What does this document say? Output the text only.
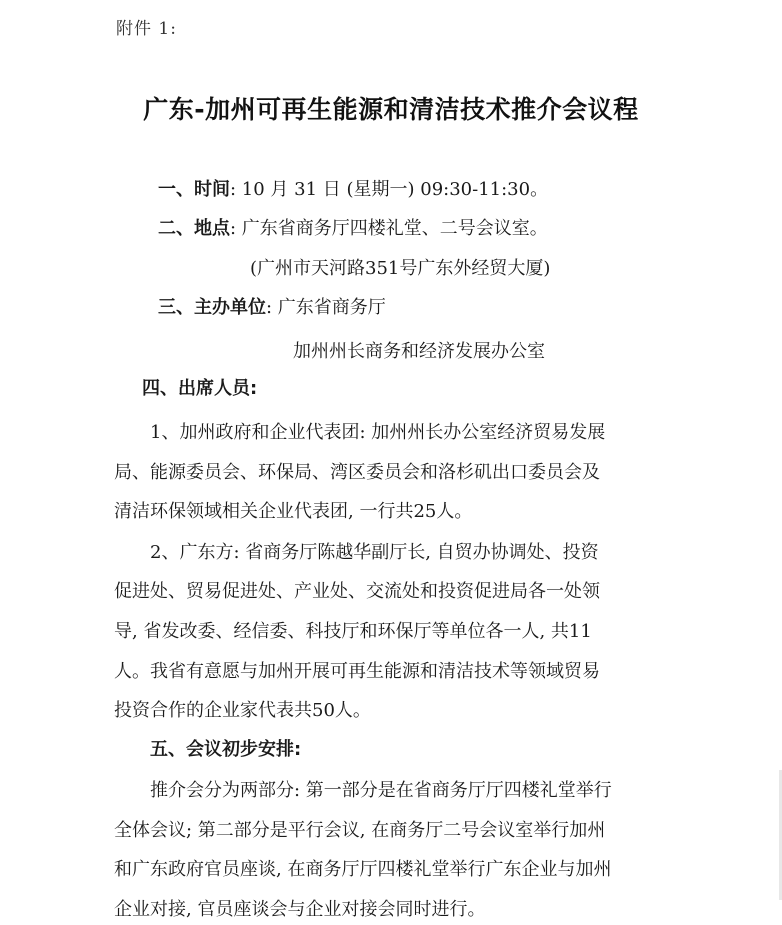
附件 1:
广东-加州可再生能源和清洁技术推介会议程
一、时间: 10 月 31 日 (星期一) 09:30-11:30。
二、地点: 广东省商务厅四楼礼堂、二号会议室。
(广州市天河路351号广东外经贸大厦)
三、主办单位: 广东省商务厅
加州州长商务和经济发展办公室
四、出席人员:
1、加州政府和企业代表团: 加州州长办公室经济贸易发展
局、能源委员会、环保局、湾区委员会和洛杉矶出口委员会及
清洁环保领域相关企业代表团, 一行共25人。
2、广东方: 省商务厅陈越华副厅长, 自贸办协调处、投资
促进处、贸易促进处、产业处、交流处和投资促进局各一处领
导, 省发改委、经信委、科技厅和环保厅等单位各一人, 共11
人。我省有意愿与加州开展可再生能源和清洁技术等领域贸易
投资合作的企业家代表共50人。
五、会议初步安排:
推介会分为两部分: 第一部分是在省商务厅厅四楼礼堂举行
全体会议; 第二部分是平行会议, 在商务厅二号会议室举行加州
和广东政府官员座谈, 在商务厅厅四楼礼堂举行广东企业与加州
企业对接, 官员座谈会与企业对接会同时进行。
